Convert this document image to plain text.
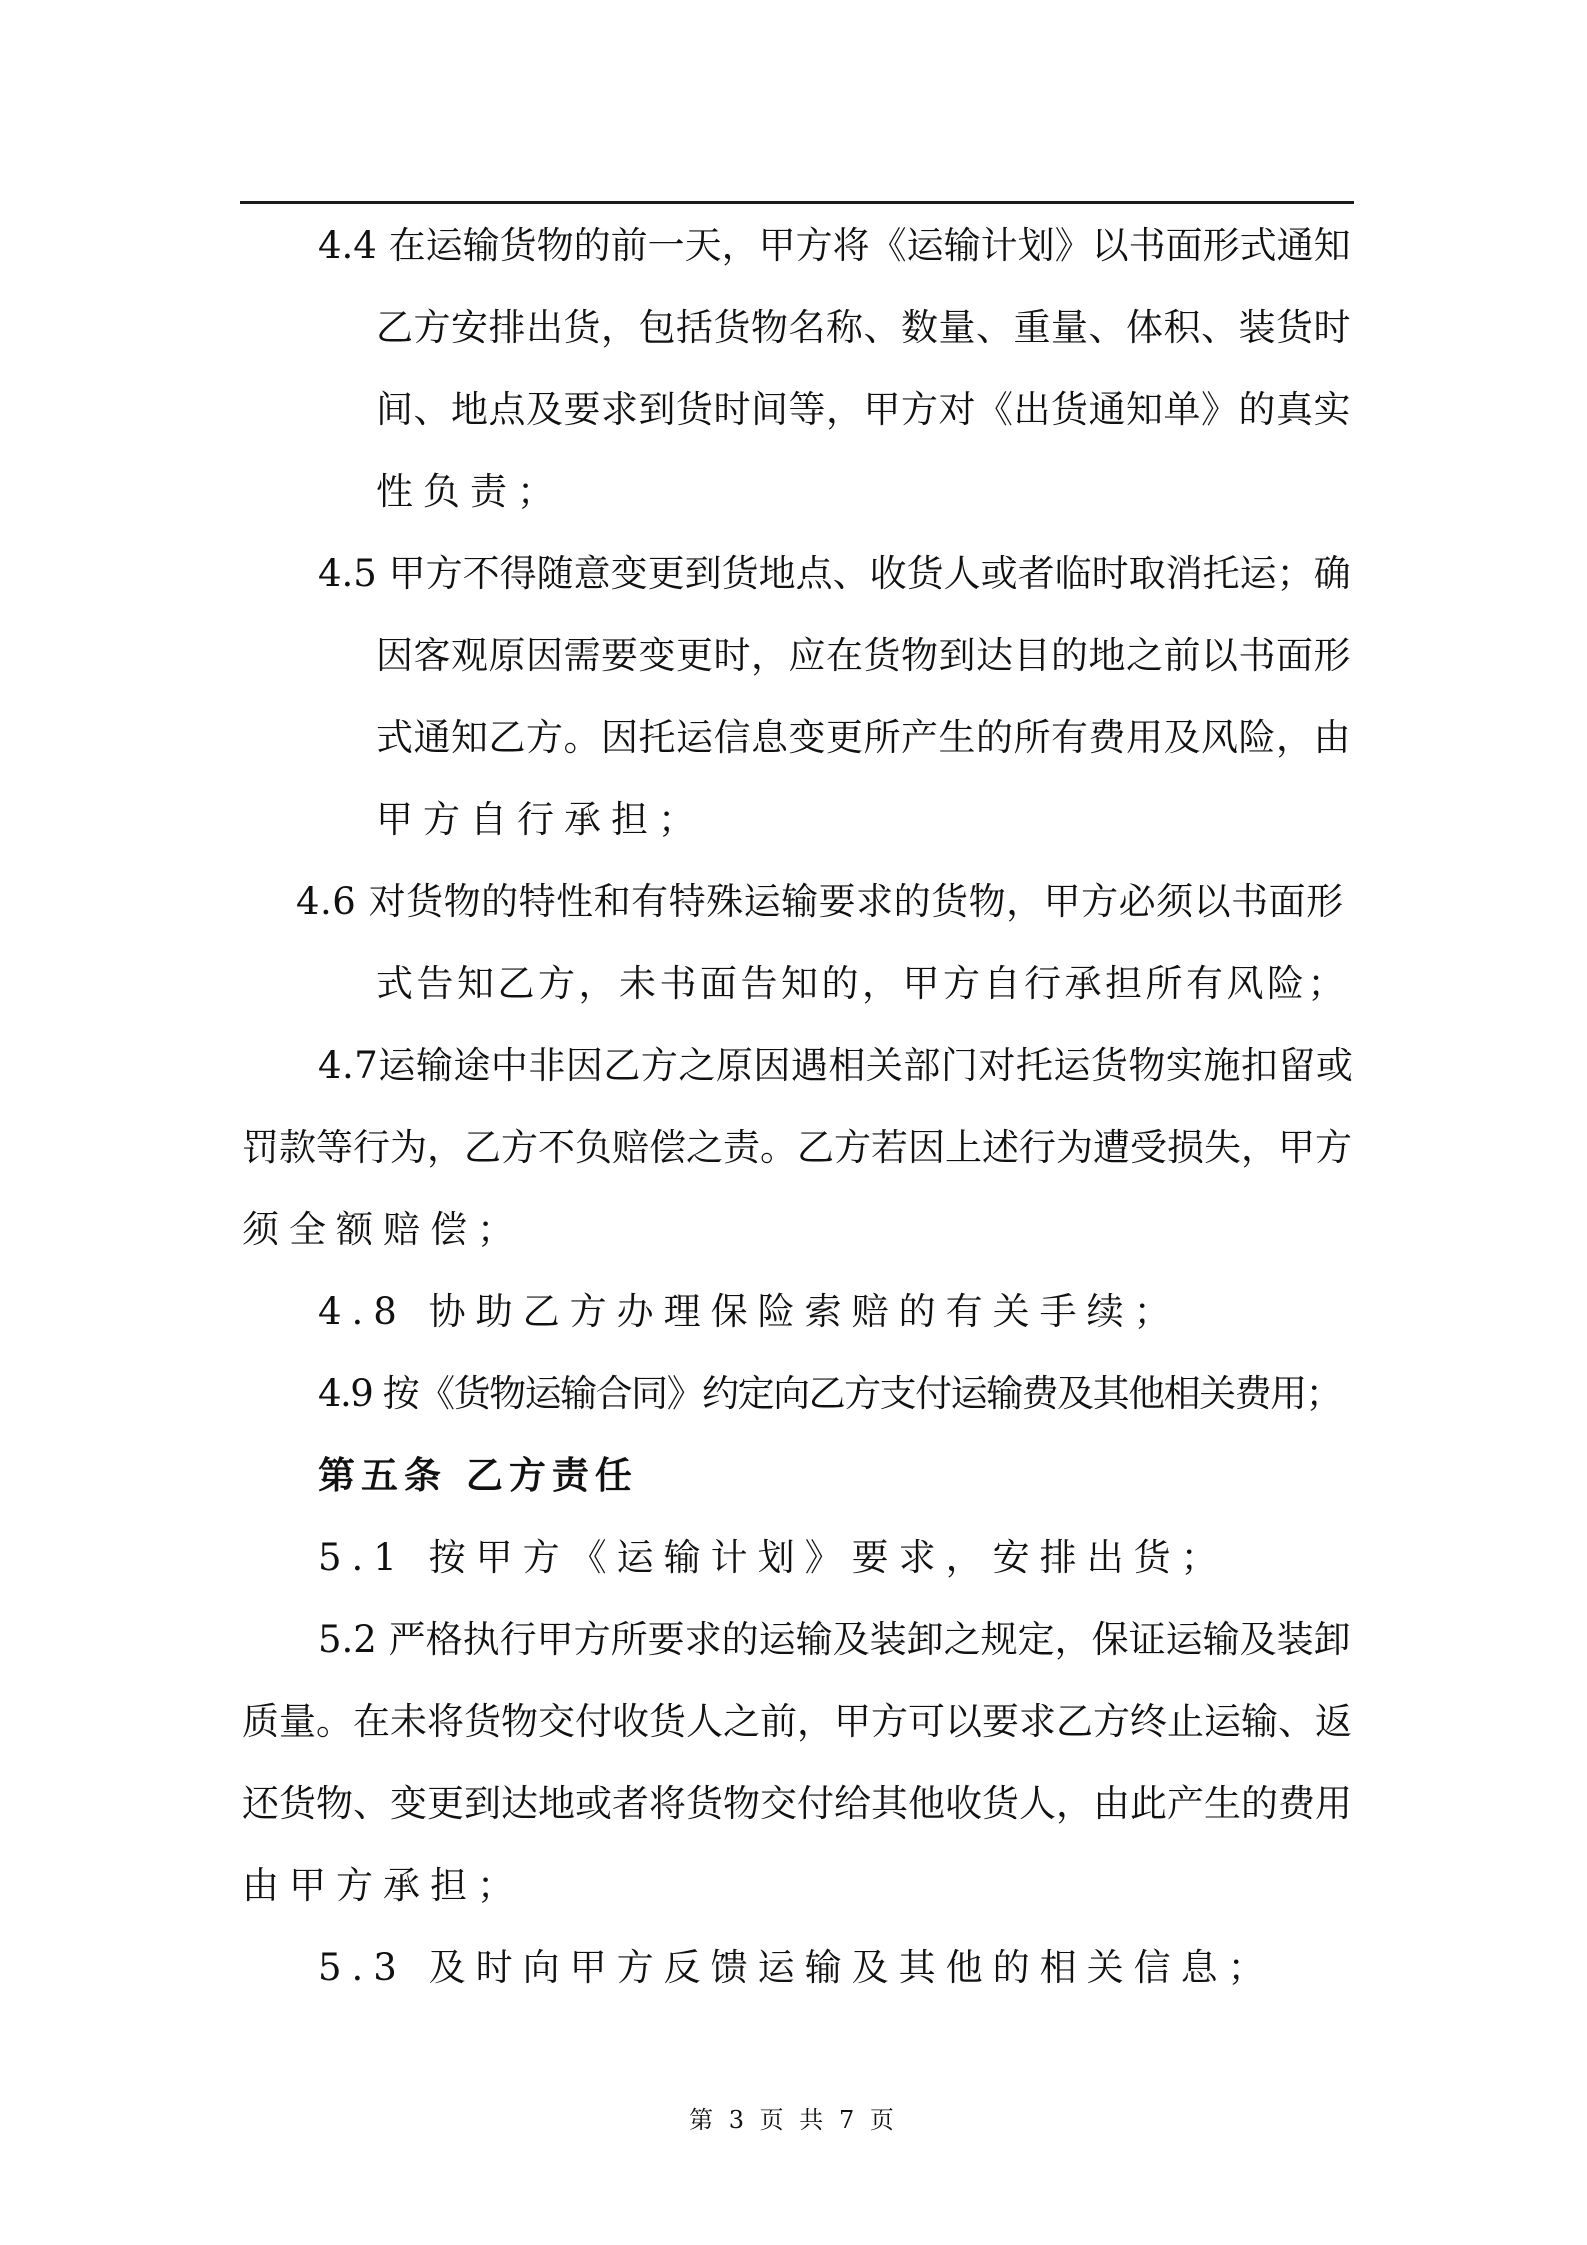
4.4 在运输货物的前一天，甲方将《运输计划》以书面形式通知
乙方安排出货，包括货物名称、数量、重量、体积、装货时
间、地点及要求到货时间等，甲方对《出货通知单》的真实
性负责；
4.5 甲方不得随意变更到货地点、收货人或者临时取消托运；确
因客观原因需要变更时，应在货物到达目的地之前以书面形
式通知乙方。因托运信息变更所产生的所有费用及风险，由
甲方自行承担；
4.6 对货物的特性和有特殊运输要求的货物，甲方必须以书面形
式告知乙方，未书面告知的，甲方自行承担所有风险；
4.7运输途中非因乙方之原因遇相关部门对托运货物实施扣留或
罚款等行为，乙方不负赔偿之责。乙方若因上述行为遭受损失，甲方
须全额赔偿；
4.8 协助乙方办理保险索赔的有关手续；
4.9 按《货物运输合同》约定向乙方支付运输费及其他相关费用；
第五条 乙方责任
5.1 按甲方《运输计划》要求，安排出货；
5.2 严格执行甲方所要求的运输及装卸之规定，保证运输及装卸
质量。在未将货物交付收货人之前，甲方可以要求乙方终止运输、返
还货物、变更到达地或者将货物交付给其他收货人，由此产生的费用
由甲方承担；
5.3 及时向甲方反馈运输及其他的相关信息；
第 3 页 共 7 页
